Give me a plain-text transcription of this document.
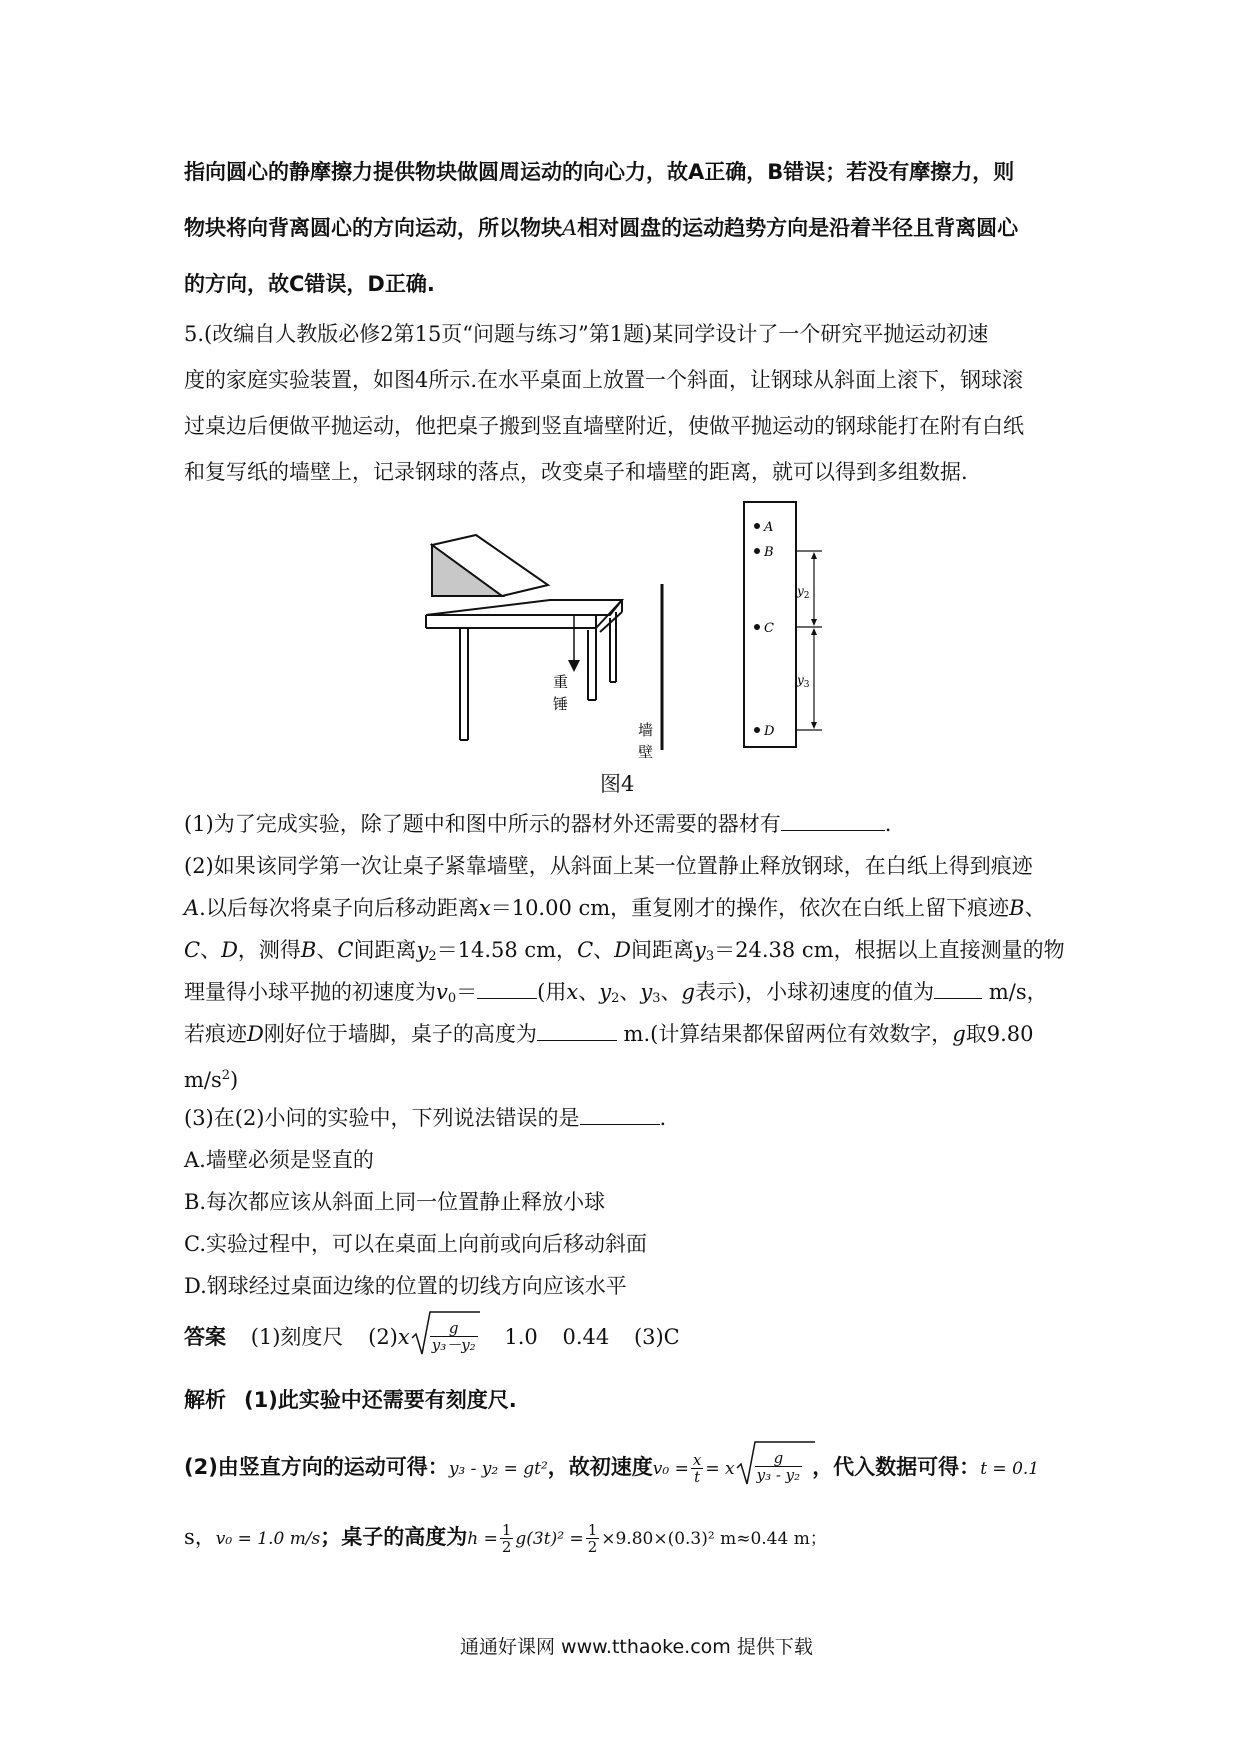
指向圆心的静摩擦力提供物块做圆周运动的向心力，故A正确，B错误；若没有摩擦力，则
物块将向背离圆心的方向运动，所以物块A相对圆盘的运动趋势方向是沿着半径且背离圆心
的方向，故C错误，D正确.
5.(改编自人教版必修2第15页“问题与练习”第1题)某同学设计了一个研究平抛运动初速
度的家庭实验装置，如图4所示.在水平桌面上放置一个斜面，让钢球从斜面上滚下，钢球滚
过桌边后便做平抛运动，他把桌子搬到竖直墙壁附近，使做平抛运动的钢球能打在附有白纸
和复写纸的墙壁上，记录钢球的落点，改变桌子和墙壁的距离，就可以得到多组数据.
重
锤
墙
壁
A
B
C
D
$y_2$
$y_3$
图4
(1)为了完成实验，除了题中和图中所示的器材外还需要的器材有	.
(2)如果该同学第一次让桌子紧靠墙壁，从斜面上某一位置静止释放钢球，在白纸上得到痕迹
A.以后每次将桌子向后移动距离x＝10.00 cm，重复刚才的操作，依次在白纸上留下痕迹B、
C、D，测得B、C间距离$y_2=14.58$ cm，C、D间距离$y_3=24.38$ cm，根据以上直接测量的物
理量得小球平抛的初速度为$v_0=$	(用x、$y_2$、$y_3$、g表示)，小球初速度的值为	m/s，
若痕迹D刚好位于墙脚，桌子的高度为	m.(计算结果都保留两位有效数字，g取9.80
$m/s^2$)
(3)在(2)小问的实验中，下列说法错误的是	.
A.墙壁必须是竖直的
B.每次都应该从斜面上同一位置静止释放小球
C.实验过程中，可以在桌面上向前或向后移动斜面
D.钢球经过桌面边缘的位置的切线方向应该水平
答案 (1)刻度尺 $(2)x \frac{g}{\text{y₃－y₂}} 1.0$ 0.44 (3)C
解析 (1)此实验中还需要有刻度尺.
(2)由竖直方向的运动可得：y₃ - y₂ = gt²，故初速度$v_0 = \frac{x}{t} = x \frac{g}{\text{y₃ - y₂}}$ ，代入数据可得：t = 0.1
s，v₀ = 1.0 m/s；桌子的高度为$h = \frac{1}{2} g(3t)^2 = \frac{1}{2} \times 9.80\times(0.3)^2$ m≈0.44 m；
通通好课网 www.tthaoke.com 提供下载
